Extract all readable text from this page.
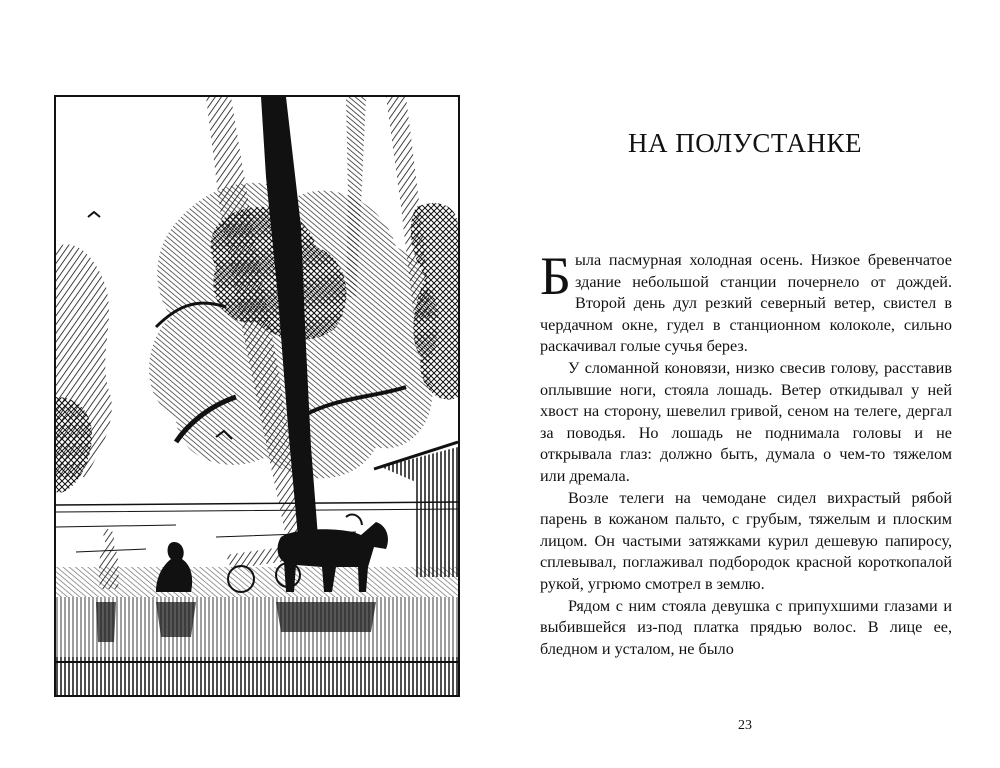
НА ПОЛУСТАНКЕ

Была пасмурная холодная осень. Низкое бревенчатое здание небольшой станции почернело от дождей. Второй день дул резкий северный ветер, свистел в чердачном окне, гудел в станционном колоколе, сильно раскачивал голые сучья берез.

У сломанной коновязи, низко свесив голову, расставив оплывшие ноги, стояла лошадь. Ветер откидывал у ней хвост на сторону, шевелил гривой, сеном на телеге, дергал за поводья. Но лошадь не поднимала головы и не открывала глаз: должно быть, думала о чем-то тяжелом или дремала.

Возле телеги на чемодане сидел вихрастый рябой парень в кожаном пальто, с грубым, тяжелым и плоским лицом. Он частыми затяжками курил дешевую папиросу, сплевывал, поглаживал подбородок красной короткопалой рукой, угрюмо смотрел в землю.

Рядом с ним стояла девушка с припухшими глазами и выбившейся из-под платка прядью волос. В лице ее, бледном и усталом, не было

23
